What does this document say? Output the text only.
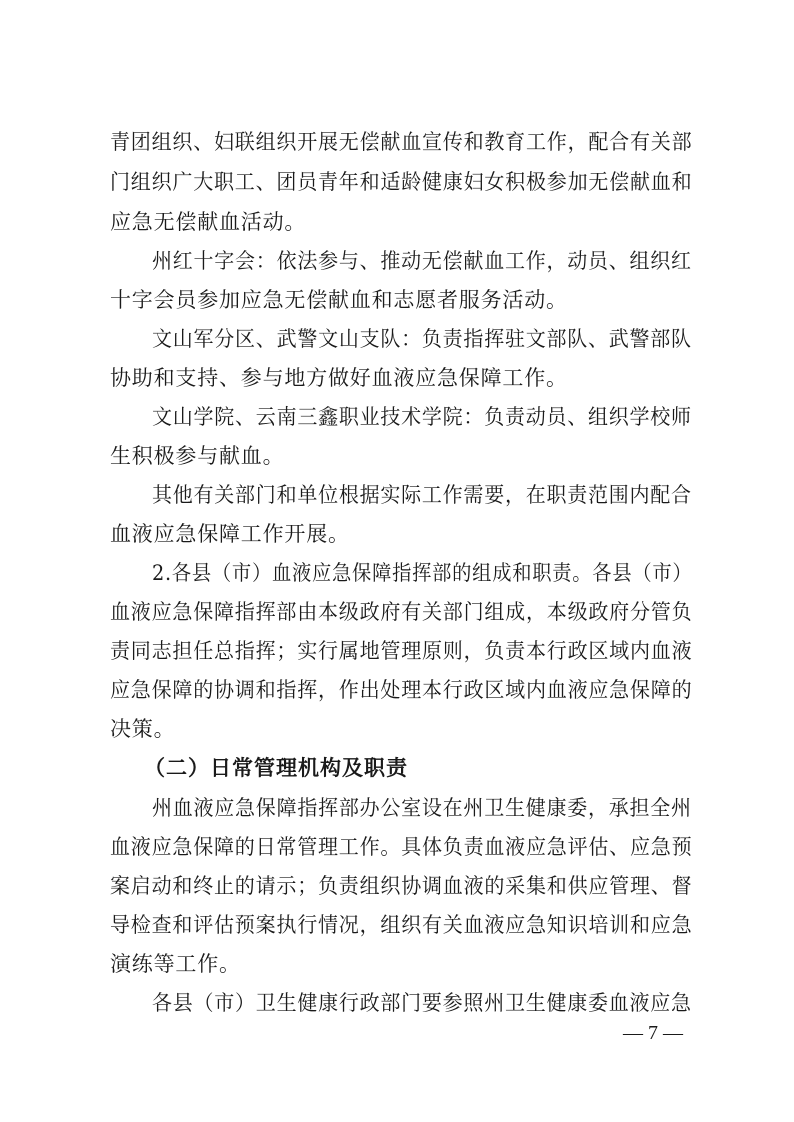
青团组织、妇联组织开展无偿献血宣传和教育工作，配合有关部
门组织广大职工、团员青年和适龄健康妇女积极参加无偿献血和
应急无偿献血活动。
州红十字会：依法参与、推动无偿献血工作，动员、组织红
十字会员参加应急无偿献血和志愿者服务活动。
文山军分区、武警文山支队：负责指挥驻文部队、武警部队
协助和支持、参与地方做好血液应急保障工作。
文山学院、云南三鑫职业技术学院：负责动员、组织学校师
生积极参与献血。
其他有关部门和单位根据实际工作需要，在职责范围内配合
血液应急保障工作开展。
2.各县（市）血液应急保障指挥部的组成和职责。各县（市）
血液应急保障指挥部由本级政府有关部门组成，本级政府分管负
责同志担任总指挥；实行属地管理原则，负责本行政区域内血液
应急保障的协调和指挥，作出处理本行政区域内血液应急保障的
决策。
（二）日常管理机构及职责
州血液应急保障指挥部办公室设在州卫生健康委，承担全州
血液应急保障的日常管理工作。具体负责血液应急评估、应急预
案启动和终止的请示；负责组织协调血液的采集和供应管理、督
导检查和评估预案执行情况，组织有关血液应急知识培训和应急
演练等工作。
各县（市）卫生健康行政部门要参照州卫生健康委血液应急
— 7 —
